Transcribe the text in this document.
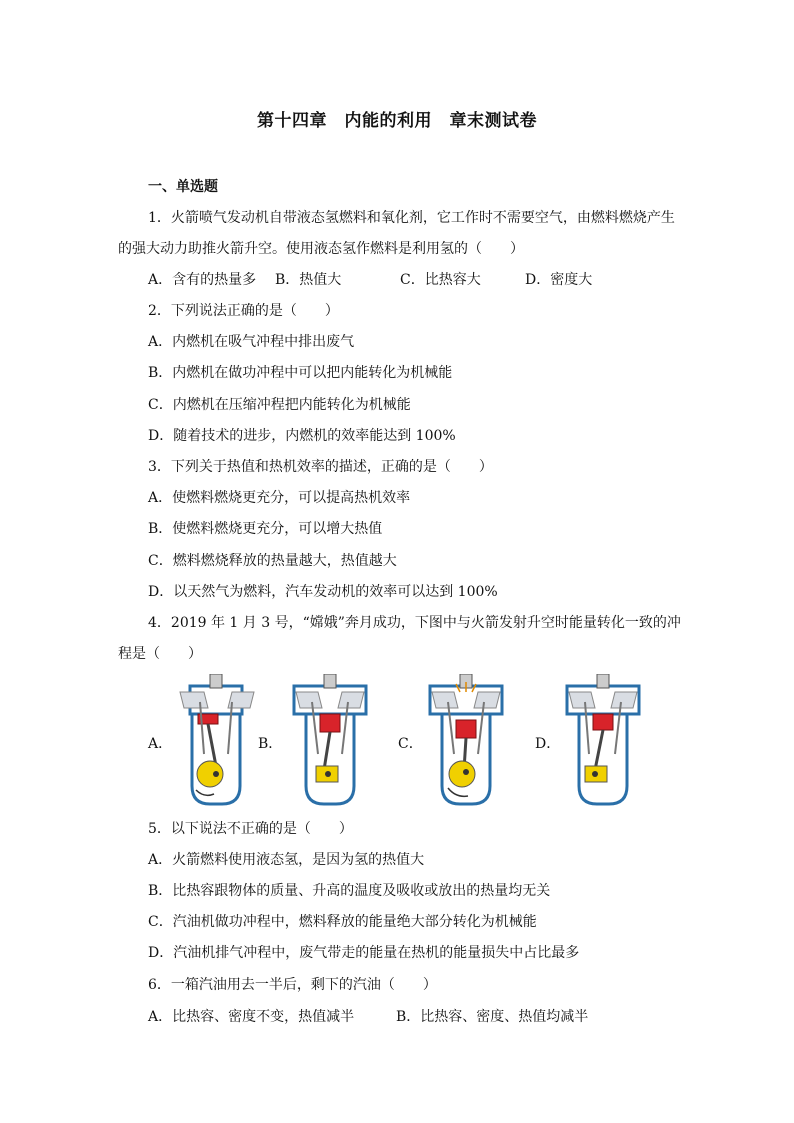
第十四章　内能的利用　章末测试卷
一、单选题
1．火箭喷气发动机自带液态氢燃料和氧化剂，它工作时不需要空气，由燃料燃烧产生
的强大动力助推火箭升空。使用液态氢作燃料是利用氢的（　　）
A．含有的热量多 B．热值大	C．比热容大	D．密度大
2．下列说法正确的是（　　）
A．内燃机在吸气冲程中排出废气
B．内燃机在做功冲程中可以把内能转化为机械能
C．内燃机在压缩冲程把内能转化为机械能
D．随着技术的进步，内燃机的效率能达到 100%
3．下列关于热值和热机效率的描述，正确的是（　　）
A．使燃料燃烧更充分，可以提高热机效率
B．使燃料燃烧更充分，可以增大热值
C．燃料燃烧释放的热量越大，热值越大
D．以天然气为燃料，汽车发动机的效率可以达到 100%
4．2019 年 1 月 3 号，“嫦娥”奔月成功，下图中与火箭发射升空时能量转化一致的冲
程是（　　）
A．	B．	C．	D．
5．以下说法不正确的是（　　）
A．火箭燃料使用液态氢，是因为氢的热值大
B．比热容跟物体的质量、升高的温度及吸收或放出的热量均无关
C．汽油机做功冲程中，燃料释放的能量绝大部分转化为机械能
D．汽油机排气冲程中，废气带走的能量在热机的能量损失中占比最多
6．一箱汽油用去一半后，剩下的汽油（　　）
A．比热容、密度不变，热值减半	B．比热容、密度、热值均减半
